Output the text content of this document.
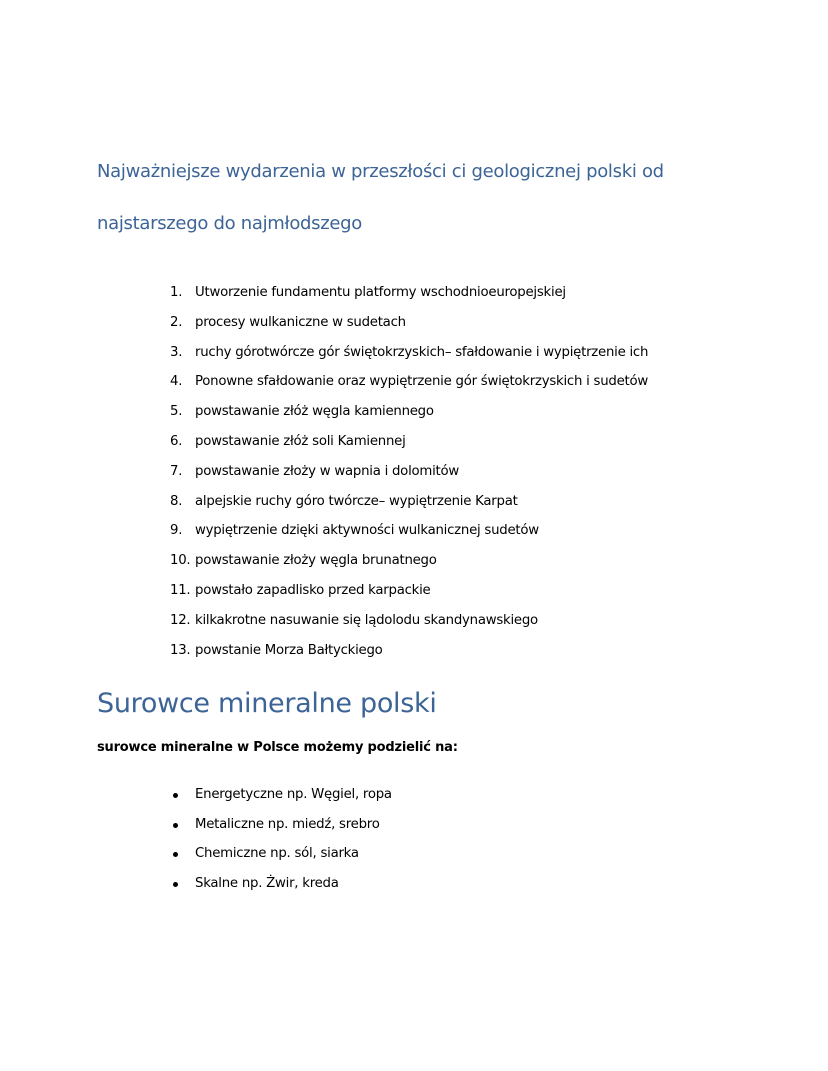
Najważniejsze wydarzenia w przeszłości ci geologicznej polski od najstarszego do najmłodszego
1. Utworzenie fundamentu platformy wschodnioeuropejskiej
2. procesy wulkaniczne w sudetach
3. ruchy górotwórcze gór świętokrzyskich– sfałdowanie i wypiętrzenie ich
4. Ponowne sfałdowanie oraz wypiętrzenie gór świętokrzyskich i sudetów
5. powstawanie złóż węgla kamiennego
6. powstawanie złóż soli Kamiennej
7. powstawanie złoży w wapnia i dolomitów
8. alpejskie ruchy góro twórcze– wypiętrzenie Karpat
9. wypiętrzenie dzięki aktywności wulkanicznej sudetów
10. powstawanie złoży węgla brunatnego
11. powstało zapadlisko przed karpackie
12. kilkakrotne nasuwanie się lądolodu skandynawskiego
13. powstanie Morza Bałtyckiego
Surowce mineralne polski
surowce mineralne w Polsce możemy podzielić na:
Energetyczne np. Węgiel, ropa
Metaliczne np. miedź, srebro
Chemiczne np. sól, siarka
Skalne np. Żwir, kreda
